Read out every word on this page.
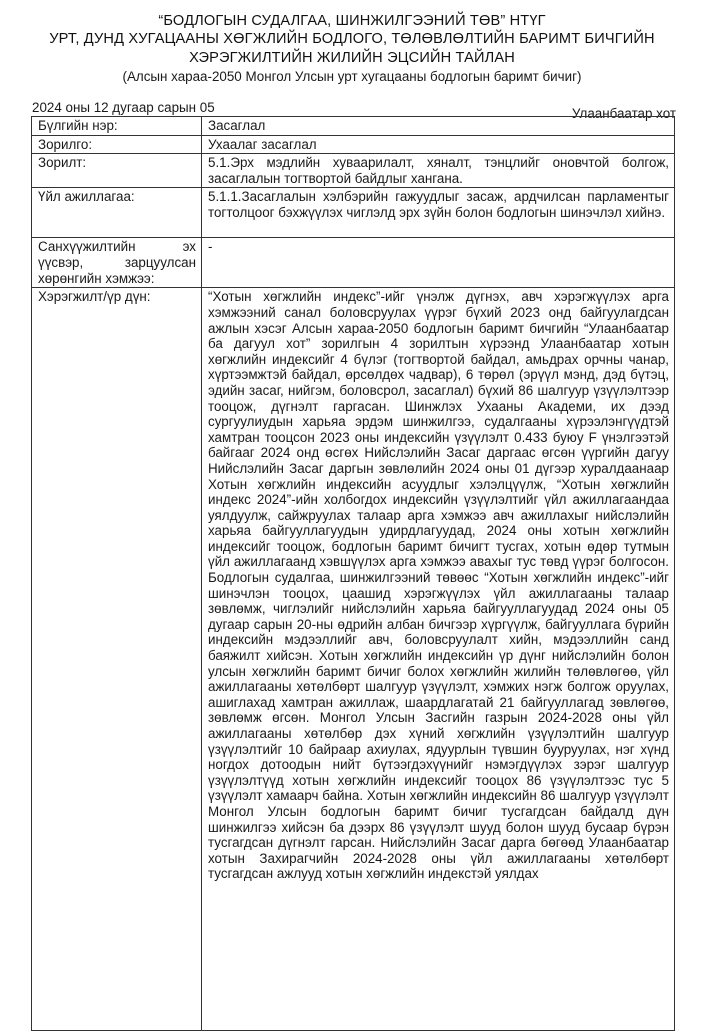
“БОДЛОГЫН СУДАЛГАА, ШИНЖИЛГЭЭНИЙ ТӨВ” НТҮГ
УРТ, ДУНД ХУГАЦААНЫ ХӨГЖЛИЙН БОДЛОГО, ТӨЛӨВЛӨЛТИЙН БАРИМТ БИЧГИЙН
ХЭРЭГЖИЛТИЙН ЖИЛИЙН ЭЦСИЙН ТАЙЛАН
(Алсын хараа-2050 Монгол Улсын урт хугацааны бодлогын баримт бичиг)
2024 оны 12 дугаар сарын 05	Улаанбаатар хот
Бүлгийн нэр:	Засаглал
Зорилго:	Ухаалаг засаглал
Зорилт:	5.1.Эрх мэдлийн хуваарилалт, хяналт, тэнцлийг оновчтой болгож, засаглалын тогтвортой байдлыг хангана.
Үйл ажиллагаа:	5.1.1.Засаглалын хэлбэрийн гажуудлыг засаж, ардчилсан парламентыг тогтолцоог бэхжүүлэх чиглэлд эрх зүйн болон бодлогын шинэчлэл хийнэ.
Санхүүжилтийн эх үүсвэр, зарцуулсан хөрөнгийн хэмжээ:	-
Хэрэгжилт/үр дүн:	“Хотын хөгжлийн индекс”-ийг үнэлж дүгнэх, авч хэрэгжүүлэх арга хэмжээний санал боловсруулах үүрэг бүхий 2023 онд байгуулагдсан ажлын хэсэг Алсын хараа-2050 бодлогын баримт бичгийн “Улаанбаатар ба дагуул хот” зорилгын 4 зорилтын хүрээнд Улаанбаатар хотын хөгжлийн индексийг 4 бүлэг (тогтвортой байдал, амьдрах орчны чанар, хүртээмжтэй байдал, өрсөлдөх чадвар), 6 төрөл (эрүүл мэнд, дэд бүтэц, эдийн засаг, нийгэм, боловсрол, засаглал) бүхий 86 шалгуур үзүүлэлтээр тооцож, дүгнэлт гаргасан. Шинжлэх Ухааны Академи, их дээд сургуулиудын харьяа эрдэм шинжилгээ, судалгааны хүрээлэнгүүдтэй хамтран тооцсон 2023 оны индексийн үзүүлэлт 0.433 буюу F үнэлгээтэй байгааг 2024 онд өсгөх Нийслэлийн Засаг даргаас өгсөн үүргийн дагуу Нийслэлийн Засаг даргын зөвлөлийн 2024 оны 01 дүгээр хуралдаанаар Хотын хөгжлийн индексийн асуудлыг хэлэлцүүлж, “Хотын хөгжлийн индекс 2024”-ийн холбогдох индексийн үзүүлэлтийг үйл ажиллагаандаа уялдуулж, сайжруулах талаар арга хэмжээ авч ажиллахыг нийслэлийн харьяа байгууллагуудын удирдлагуудад, 2024 оны хотын хөгжлийн индексийг тооцож, бодлогын баримт бичигт тусгах, хотын өдөр тутмын үйл ажиллагаанд хэвшүүлэх арга хэмжээ авахыг тус төвд үүрэг болгосон. Бодлогын судалгаа, шинжилгээний төвөөс “Хотын хөгжлийн индекс”-ийг шинэчлэн тооцох, цаашид хэрэгжүүлэх үйл ажиллагааны талаар зөвлөмж, чиглэлийг нийслэлийн харьяа байгууллагуудад 2024 оны 05 дугаар сарын 20-ны өдрийн албан бичгээр хүргүүлж, байгууллага бүрийн индексийн мэдээллийг авч, боловсруулалт хийн, мэдээллийн санд баяжилт хийсэн. Хотын хөгжлийн индексийн үр дүнг нийслэлийн болон улсын хөгжлийн баримт бичиг болох хөгжлийн жилийн төлөвлөгөө, үйл ажиллагааны хөтөлбөрт шалгуур үзүүлэлт, хэмжих нэгж болгож оруулах, ашиглахад хамтран ажиллаж, шаардлагатай 21 байгууллагад зөвлөгөө, зөвлөмж өгсөн. Монгол Улсын Засгийн газрын 2024-2028 оны үйл ажиллагааны хөтөлбөр дэх хүний хөгжлийн үзүүлэлтийн шалгуур үзүүлэлтийг 10 байраар ахиулах, ядуурлын түвшин бууруулах, нэг хүнд ногдох дотоодын нийт бүтээгдэхүүнийг нэмэгдүүлэх зэрэг шалгуур үзүүлэлтүүд хотын хөгжлийн индексийг тооцох 86 үзүүлэлтээс тус 5 үзүүлэлт хамаарч байна. Хотын хөгжлийн индексийн 86 шалгуур үзүүлэлт Монгол Улсын бодлогын баримт бичиг тусгагдсан байдалд дүн шинжилгээ хийсэн ба дээрх 86 үзүүлэлт шууд болон шууд бусаар бүрэн тусгагдсан дүгнэлт гарсан. Нийслэлийн Засаг дарга бөгөөд Улаанбаатар хотын Захирагчийн 2024-2028 оны үйл ажиллагааны хөтөлбөрт тусгагдсан ажлууд хотын хөгжлийн индекстэй уялдах
